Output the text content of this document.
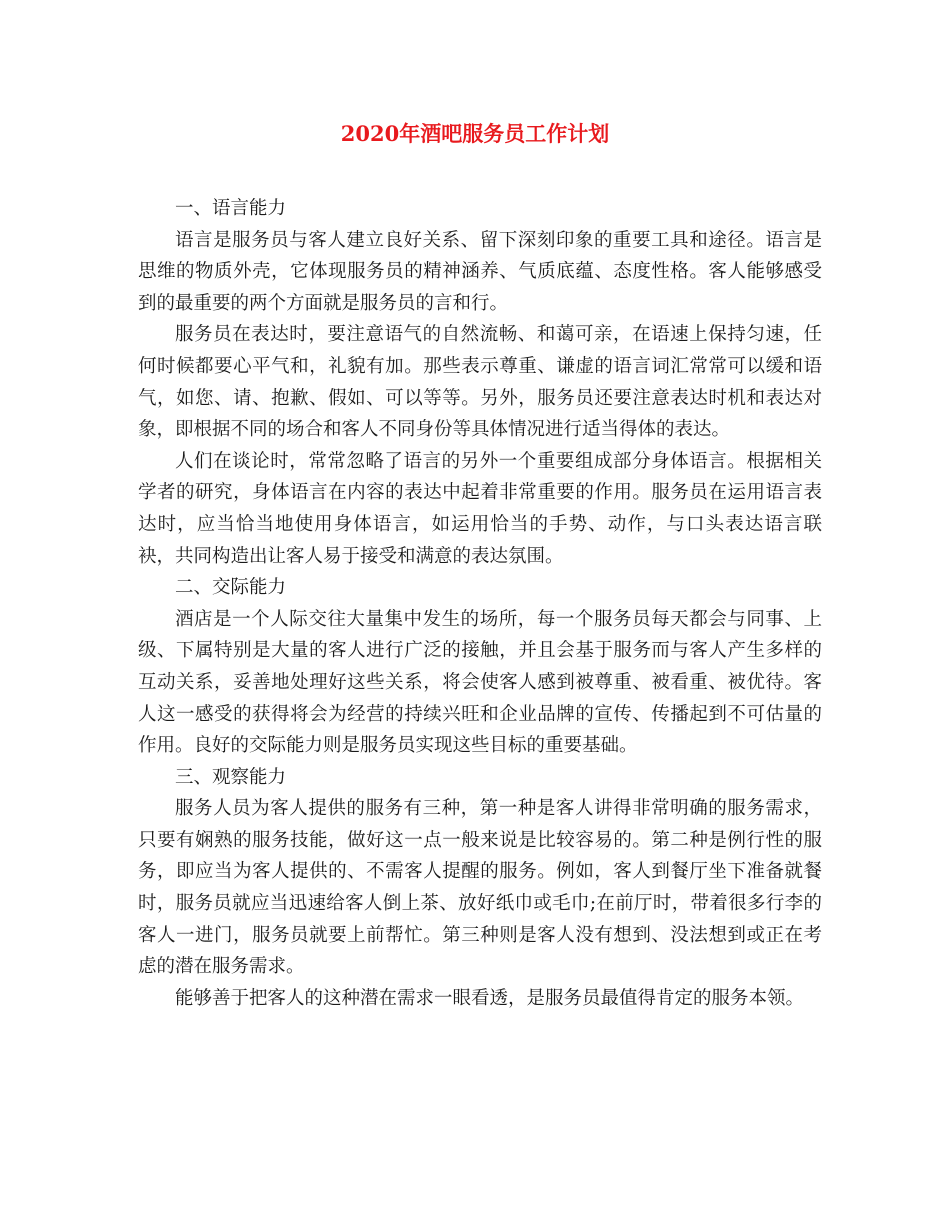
2020年酒吧服务员工作计划

一、语言能力

语言是服务员与客人建立良好关系、留下深刻印象的重要工具和途径。语言是思维的物质外壳，它体现服务员的精神涵养、气质底蕴、态度性格。客人能够感受到的最重要的两个方面就是服务员的言和行。

服务员在表达时，要注意语气的自然流畅、和蔼可亲，在语速上保持匀速，任何时候都要心平气和，礼貌有加。那些表示尊重、谦虚的语言词汇常常可以缓和语气，如您、请、抱歉、假如、可以等等。另外，服务员还要注意表达时机和表达对象，即根据不同的场合和客人不同身份等具体情况进行适当得体的表达。

人们在谈论时，常常忽略了语言的另外一个重要组成部分身体语言。根据相关学者的研究，身体语言在内容的表达中起着非常重要的作用。服务员在运用语言表达时，应当恰当地使用身体语言，如运用恰当的手势、动作，与口头表达语言联袂，共同构造出让客人易于接受和满意的表达氛围。

二、交际能力

酒店是一个人际交往大量集中发生的场所，每一个服务员每天都会与同事、上级、下属特别是大量的客人进行广泛的接触，并且会基于服务而与客人产生多样的互动关系，妥善地处理好这些关系，将会使客人感到被尊重、被看重、被优待。客人这一感受的获得将会为经营的持续兴旺和企业品牌的宣传、传播起到不可估量的作用。良好的交际能力则是服务员实现这些目标的重要基础。

三、观察能力

服务人员为客人提供的服务有三种，第一种是客人讲得非常明确的服务需求，只要有娴熟的服务技能，做好这一点一般来说是比较容易的。第二种是例行性的服务，即应当为客人提供的、不需客人提醒的服务。例如，客人到餐厅坐下准备就餐时，服务员就应当迅速给客人倒上茶、放好纸巾或毛巾;在前厅时，带着很多行李的客人一进门，服务员就要上前帮忙。第三种则是客人没有想到、没法想到或正在考虑的潜在服务需求。

能够善于把客人的这种潜在需求一眼看透，是服务员最值得肯定的服务本领。
